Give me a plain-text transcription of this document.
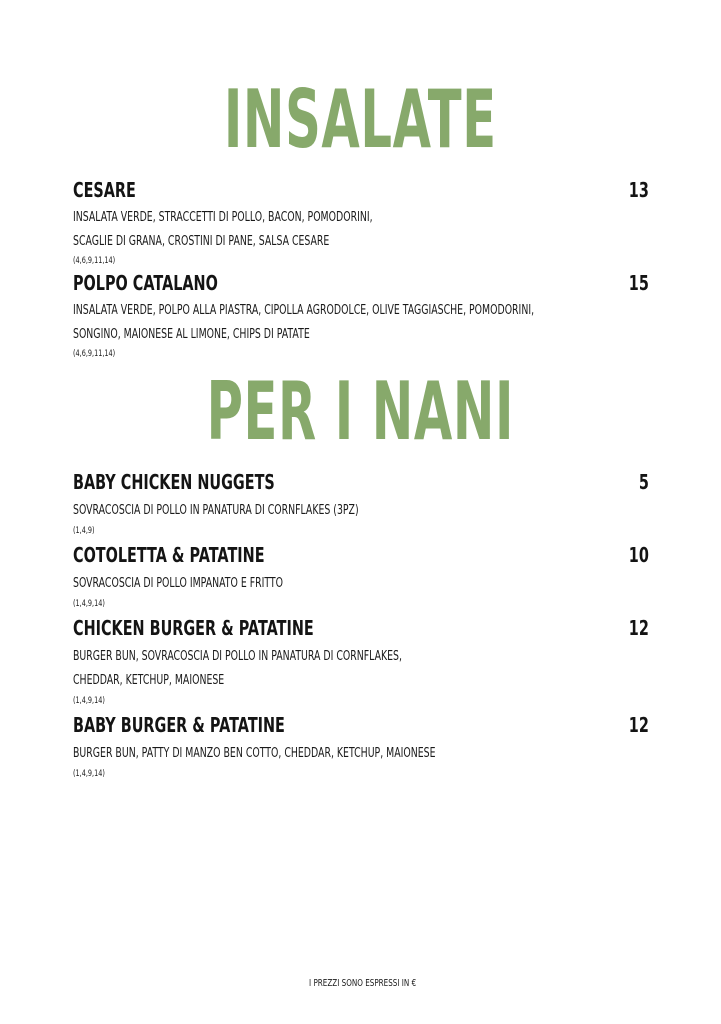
INSALATE
CESARE	13
INSALATA VERDE, STRACCETTI DI POLLO, BACON, POMODORINI,
SCAGLIE DI GRANA, CROSTINI DI PANE, SALSA CESARE
(4,6,9,11,14)
POLPO CATALANO	15
INSALATA VERDE, POLPO ALLA PIASTRA, CIPOLLA AGRODOLCE, OLIVE TAGGIASCHE, POMODORINI,
SONGINO, MAIONESE AL LIMONE, CHIPS DI PATATE
(4,6,9,11,14)
PER I NANI
BABY CHICKEN NUGGETS	5
SOVRACOSCIA DI POLLO IN PANATURA DI CORNFLAKES (3PZ)
(1,4,9)
COTOLETTA & PATATINE	10
SOVRACOSCIA DI POLLO IMPANATO E FRITTO
(1,4,9,14)
CHICKEN BURGER & PATATINE	12
BURGER BUN, SOVRACOSCIA DI POLLO IN PANATURA DI CORNFLAKES,
CHEDDAR, KETCHUP, MAIONESE
(1,4,9,14)
BABY BURGER & PATATINE	12
BURGER BUN, PATTY DI MANZO BEN COTTO, CHEDDAR, KETCHUP, MAIONESE
(1,4,9,14)
I PREZZI SONO ESPRESSI IN €
